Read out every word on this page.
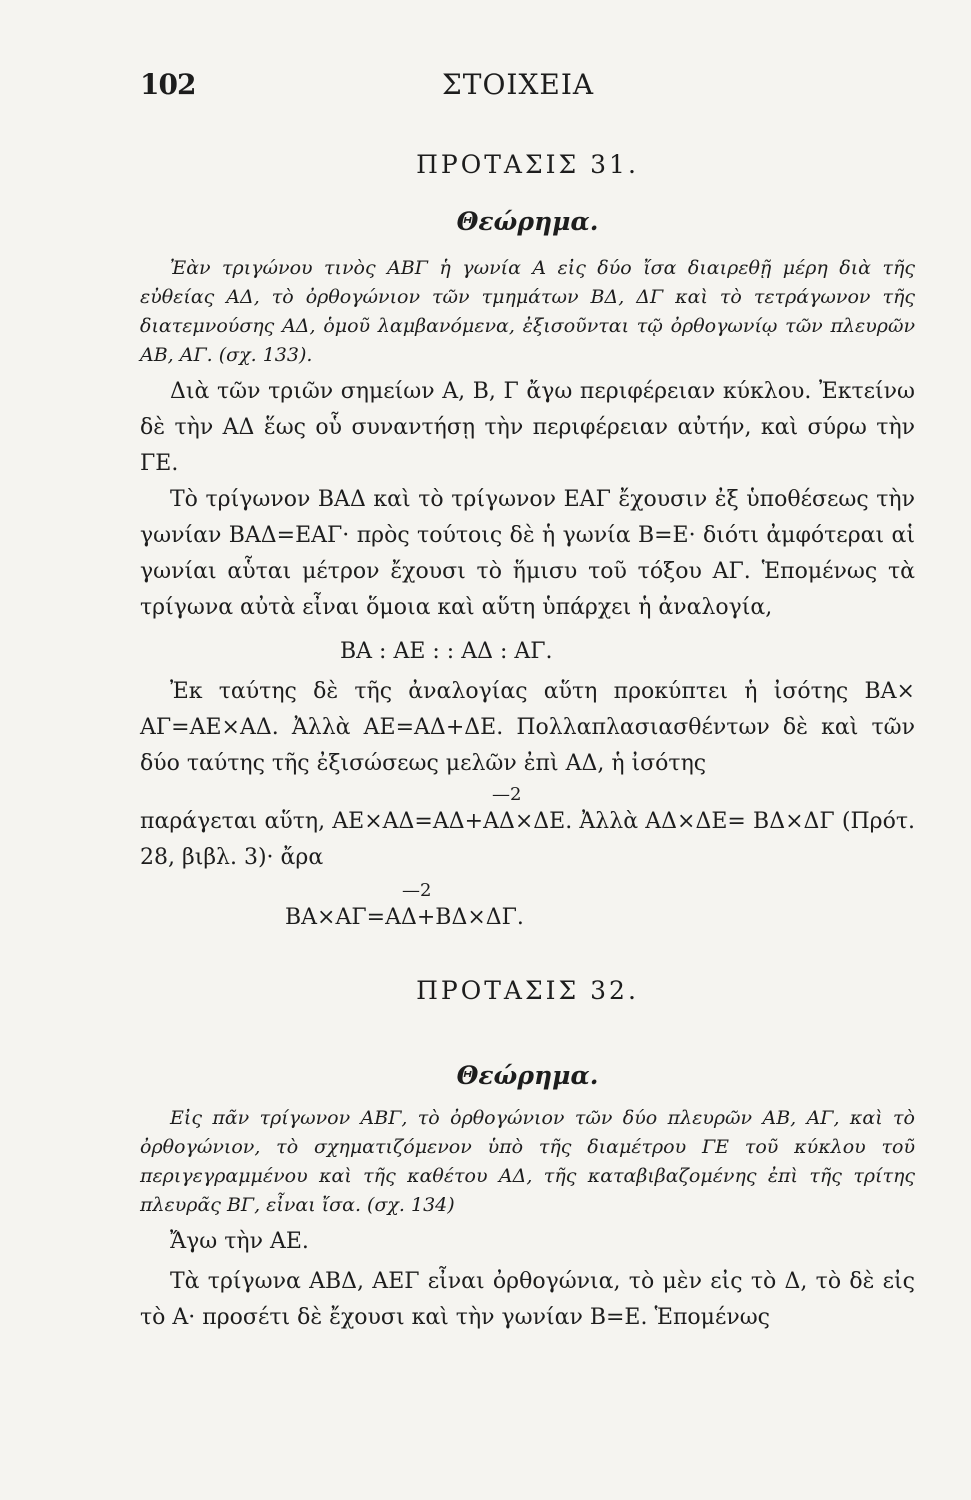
102	ΣΤΟΙΧΕΙΑ
ΠΡΟΤΑΣΙΣ 31.
Θεώρημα.

Ἐὰν τριγώνου τινὸς ΑΒΓ ἡ γωνία Α εἰς δύο ἴσα διαιρεθῇ μέρη διὰ τῆς εὐθείας ΑΔ, τὸ ὀρθογώνιον τῶν τμημάτων ΒΔ, ΔΓ καὶ τὸ τετράγωνον τῆς διατεμνούσης ΑΔ, ὁμοῦ λαμβανόμενα, ἐξισοῦνται τῷ ὀρθογωνίῳ τῶν πλευρῶν ΑΒ, ΑΓ. (σχ. 133).

Διὰ τῶν τριῶν σημείων Α, Β, Γ ἄγω περιφέρειαν κύκλου. Ἐκτείνω δὲ τὴν ΑΔ ἕως οὗ συναντήσῃ τὴν περιφέρειαν αὐτήν, καὶ σύρω τὴν ΓΕ.

Τὸ τρίγωνον ΒΑΔ καὶ τὸ τρίγωνον ΕΑΓ ἔχουσιν ἐξ ὑποθέσεως τὴν γωνίαν ΒΑΔ=ΕΑΓ· πρὸς τούτοις δὲ ἡ γωνία Β=Ε· διότι ἀμφότεραι αἱ γωνίαι αὗται μέτρον ἔχουσι τὸ ἥμισυ τοῦ τόξου ΑΓ. Ἑπομένως τὰ τρίγωνα αὐτὰ εἶναι ὅμοια καὶ αὕτη ὑπάρχει ἡ ἀναλογία,

ΒΑ : ΑΕ : : ΑΔ : ΑΓ.

Ἐκ ταύτης δὲ τῆς ἀναλογίας αὕτη προκύπτει ἡ ἰσότης ΒΑ× ΑΓ=ΑΕ×ΑΔ. Ἀλλὰ ΑΕ=ΑΔ+ΔΕ. Πολλαπλασιασθέντων δὲ καὶ τῶν δύο ταύτης τῆς ἐξισώσεως μελῶν ἐπὶ ΑΔ, ἡ ἰσότης

—2

παράγεται αὕτη, ΑΕ×ΑΔ=ΑΔ+ΑΔ×ΔΕ. Ἀλλὰ ΑΔ×ΔΕ= ΒΔ×ΔΓ (Πρότ. 28, βιβλ. 3)· ἄρα

—2

ΒΑ×ΑΓ=ΑΔ+ΒΔ×ΔΓ.

ΠΡΟΤΑΣΙΣ 32.
Θεώρημα.

Εἰς πᾶν τρίγωνον ΑΒΓ, τὸ ὀρθογώνιον τῶν δύο πλευρῶν ΑΒ, ΑΓ, καὶ τὸ ὀρθογώνιον, τὸ σχηματιζόμενον ὑπὸ τῆς διαμέτρου ΓΕ τοῦ κύκλου τοῦ περιγεγραμμένου καὶ τῆς καθέτου ΑΔ, τῆς καταβιβαζομένης ἐπὶ τῆς τρίτης πλευρᾶς ΒΓ, εἶναι ἴσα. (σχ. 134)

Ἄγω τὴν ΑΕ.

Τὰ τρίγωνα ΑΒΔ, ΑΕΓ εἶναι ὀρθογώνια, τὸ μὲν εἰς τὸ Δ, τὸ δὲ εἰς τὸ Α· προσέτι δὲ ἔχουσι καὶ τὴν γωνίαν Β=Ε. Ἑπομένως
